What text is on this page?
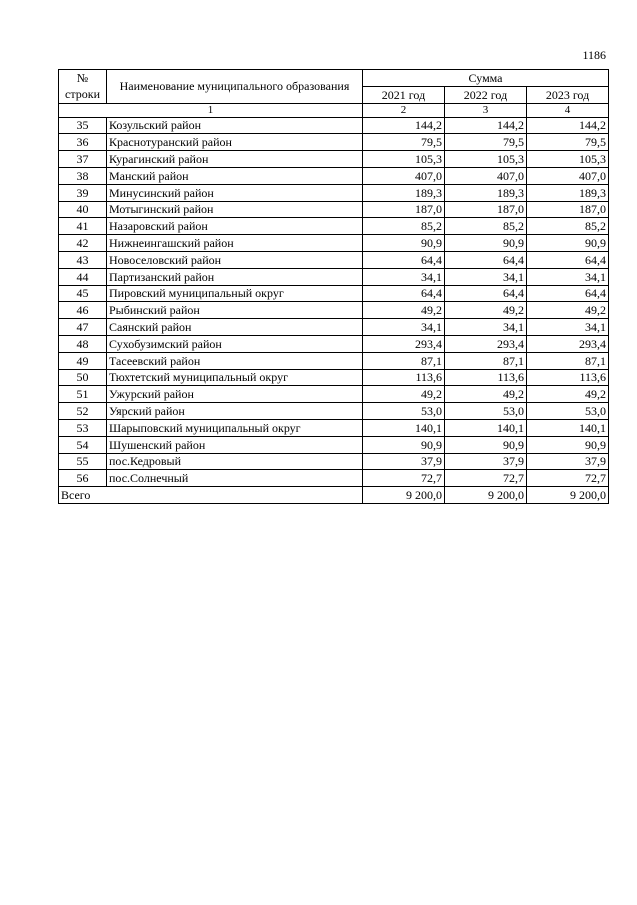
1186
№
строки	Наименование муниципального образования	Сумма		
		2021 год	2022 год	2023 год
1		2	3	4
35	Козульский район	144,2	144,2	144,2
36	Краснотуранский район	79,5	79,5	79,5
37	Курагинский район	105,3	105,3	105,3
38	Манский район	407,0	407,0	407,0
39	Минусинский район	189,3	189,3	189,3
40	Мотыгинский район	187,0	187,0	187,0
41	Назаровский район	85,2	85,2	85,2
42	Нижнеингашский район	90,9	90,9	90,9
43	Новоселовский район	64,4	64,4	64,4
44	Партизанский район	34,1	34,1	34,1
45	Пировский муниципальный округ	64,4	64,4	64,4
46	Рыбинский район	49,2	49,2	49,2
47	Саянский район	34,1	34,1	34,1
48	Сухобузимский район	293,4	293,4	293,4
49	Тасеевский район	87,1	87,1	87,1
50	Тюхтетский муниципальный округ	113,6	113,6	113,6
51	Ужурский район	49,2	49,2	49,2
52	Уярский район	53,0	53,0	53,0
53	Шарыповский муниципальный округ	140,1	140,1	140,1
54	Шушенский район	90,9	90,9	90,9
55	пос.Кедровый	37,9	37,9	37,9
56	пос.Солнечный	72,7	72,7	72,7
Всего		9 200,0	9 200,0	9 200,0
